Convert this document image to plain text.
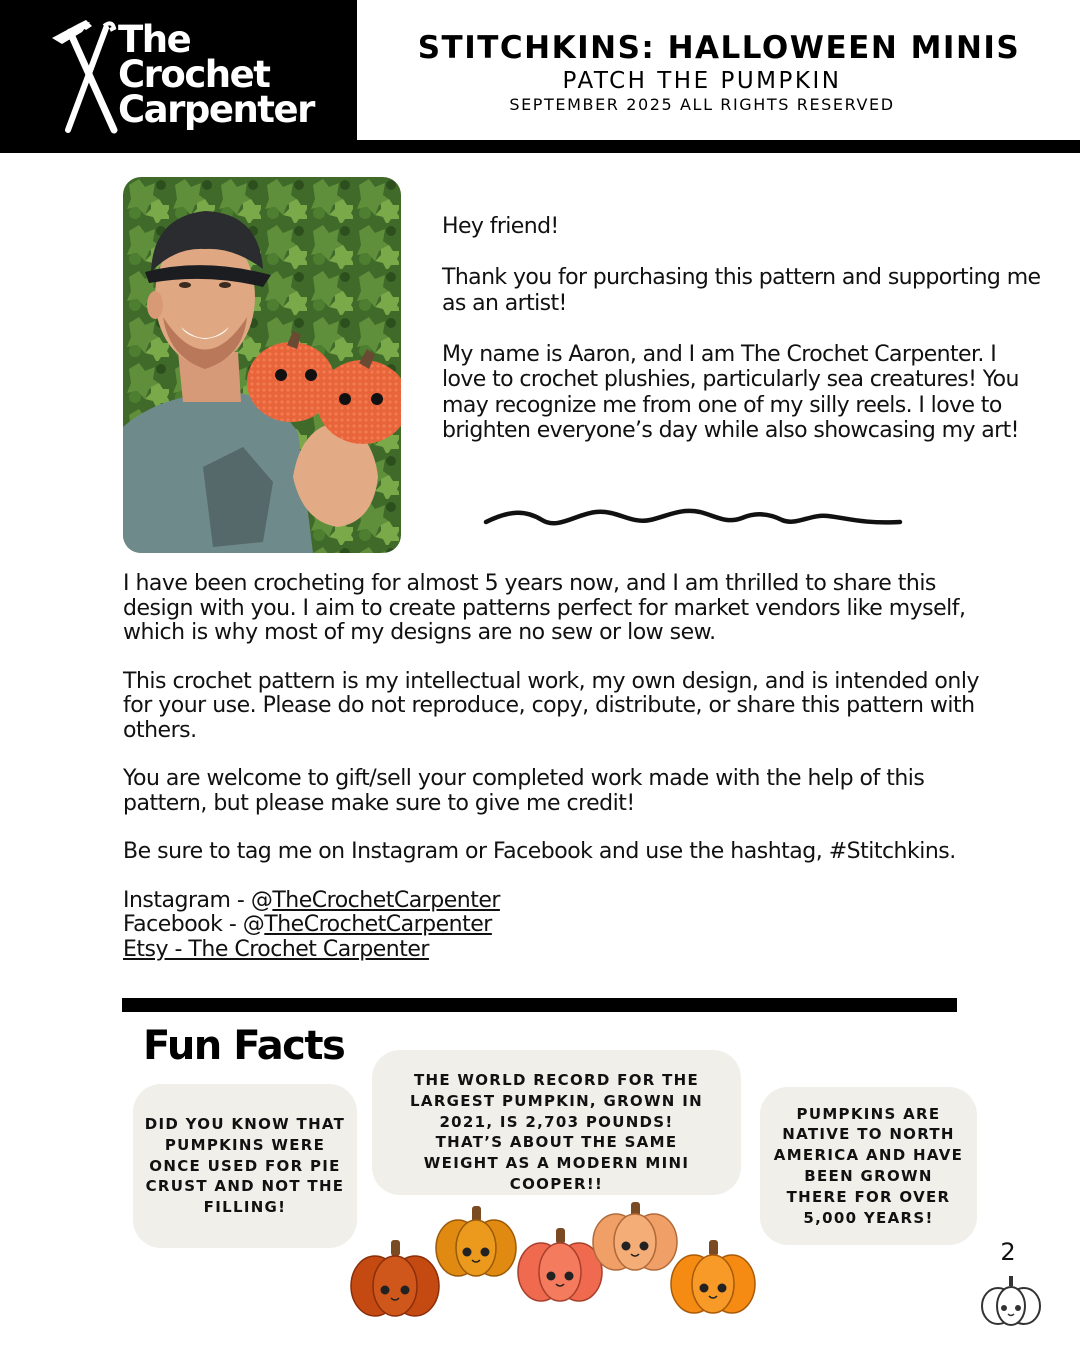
The
Crochet
Carpenter
STITCHKINS: HALLOWEEN MINIS
PATCH THE PUMPKIN
SEPTEMBER 2025 ALL RIGHTS RESERVED

Hey friend!

Thank you for purchasing this pattern and supporting me as an artist!

My name is Aaron, and I am The Crochet Carpenter. I love to crochet plushies, particularly sea creatures! You may recognize me from one of my silly reels. I love to brighten everyone’s day while also showcasing my art!

I have been crocheting for almost 5 years now, and I am thrilled to share this design with you. I aim to create patterns perfect for market vendors like myself, which is why most of my designs are no sew or low sew.

This crochet pattern is my intellectual work, my own design, and is intended only for your use. Please do not reproduce, copy, distribute, or share this pattern with others.

You are welcome to gift/sell your completed work made with the help of this pattern, but please make sure to give me credit!

Be sure to tag me on Instagram or Facebook and use the hashtag, #Stitchkins.

Instagram - @TheCrochetCarpenter
Facebook - @TheCrochetCarpenter
Etsy - The Crochet Carpenter
Fun Facts
DID YOU KNOW THAT PUMPKINS WERE ONCE USED FOR PIE CRUST AND NOT THE FILLING!
THE WORLD RECORD FOR THE LARGEST PUMPKIN, GROWN IN 2021, IS 2,703 POUNDS! THAT’S ABOUT THE SAME WEIGHT AS A MODERN MINI COOPER!!
PUMPKINS ARE NATIVE TO NORTH AMERICA AND HAVE BEEN GROWN THERE FOR OVER 5,000 YEARS!
2
